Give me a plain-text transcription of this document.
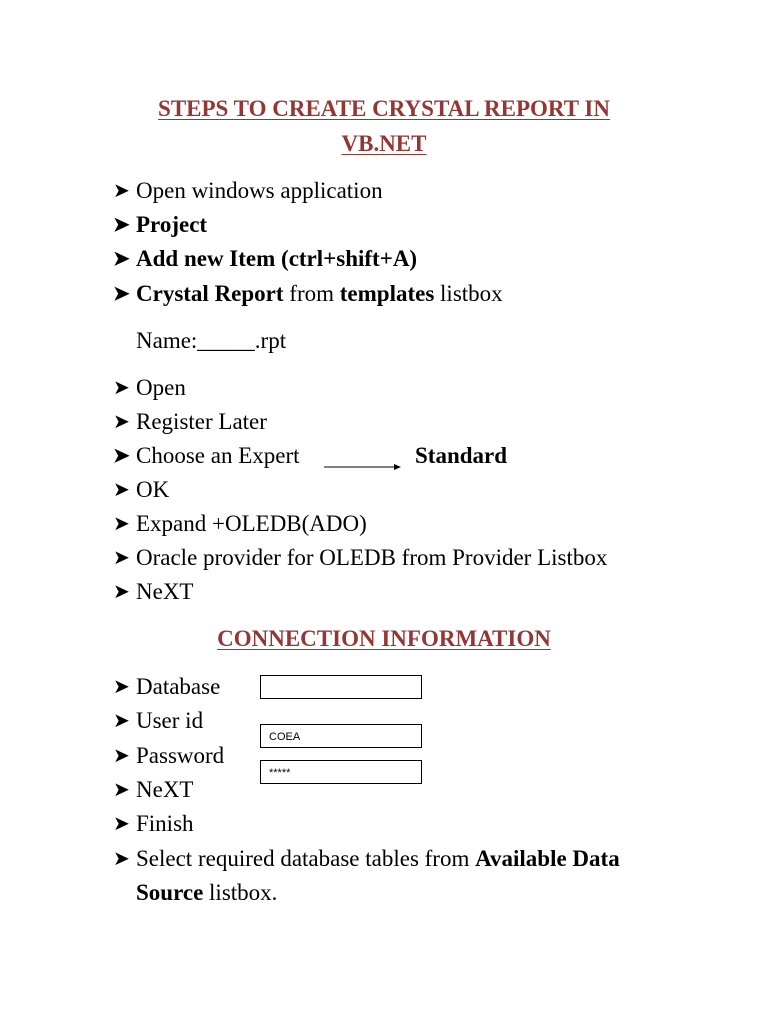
STEPS TO CREATE CRYSTAL REPORT IN
VB.NET
➤ Open windows application
➤ Project
➤ Add new Item (ctrl+shift+A)
➤ Crystal Report from templates listbox
Name:_____.rpt
➤ Open
➤ Register Later
➤ Choose an Expert	Standard
➤ OK
➤ Expand +OLEDB(ADO)
➤ Oracle provider for OLEDB from Provider Listbox
➤ NeXT
CONNECTION INFORMATION
➤ Database
➤ User id
➤ Password
➤ NeXT
➤ Finish
➤ Select required database tables from Available Data
Source listbox.
COEA
*****
